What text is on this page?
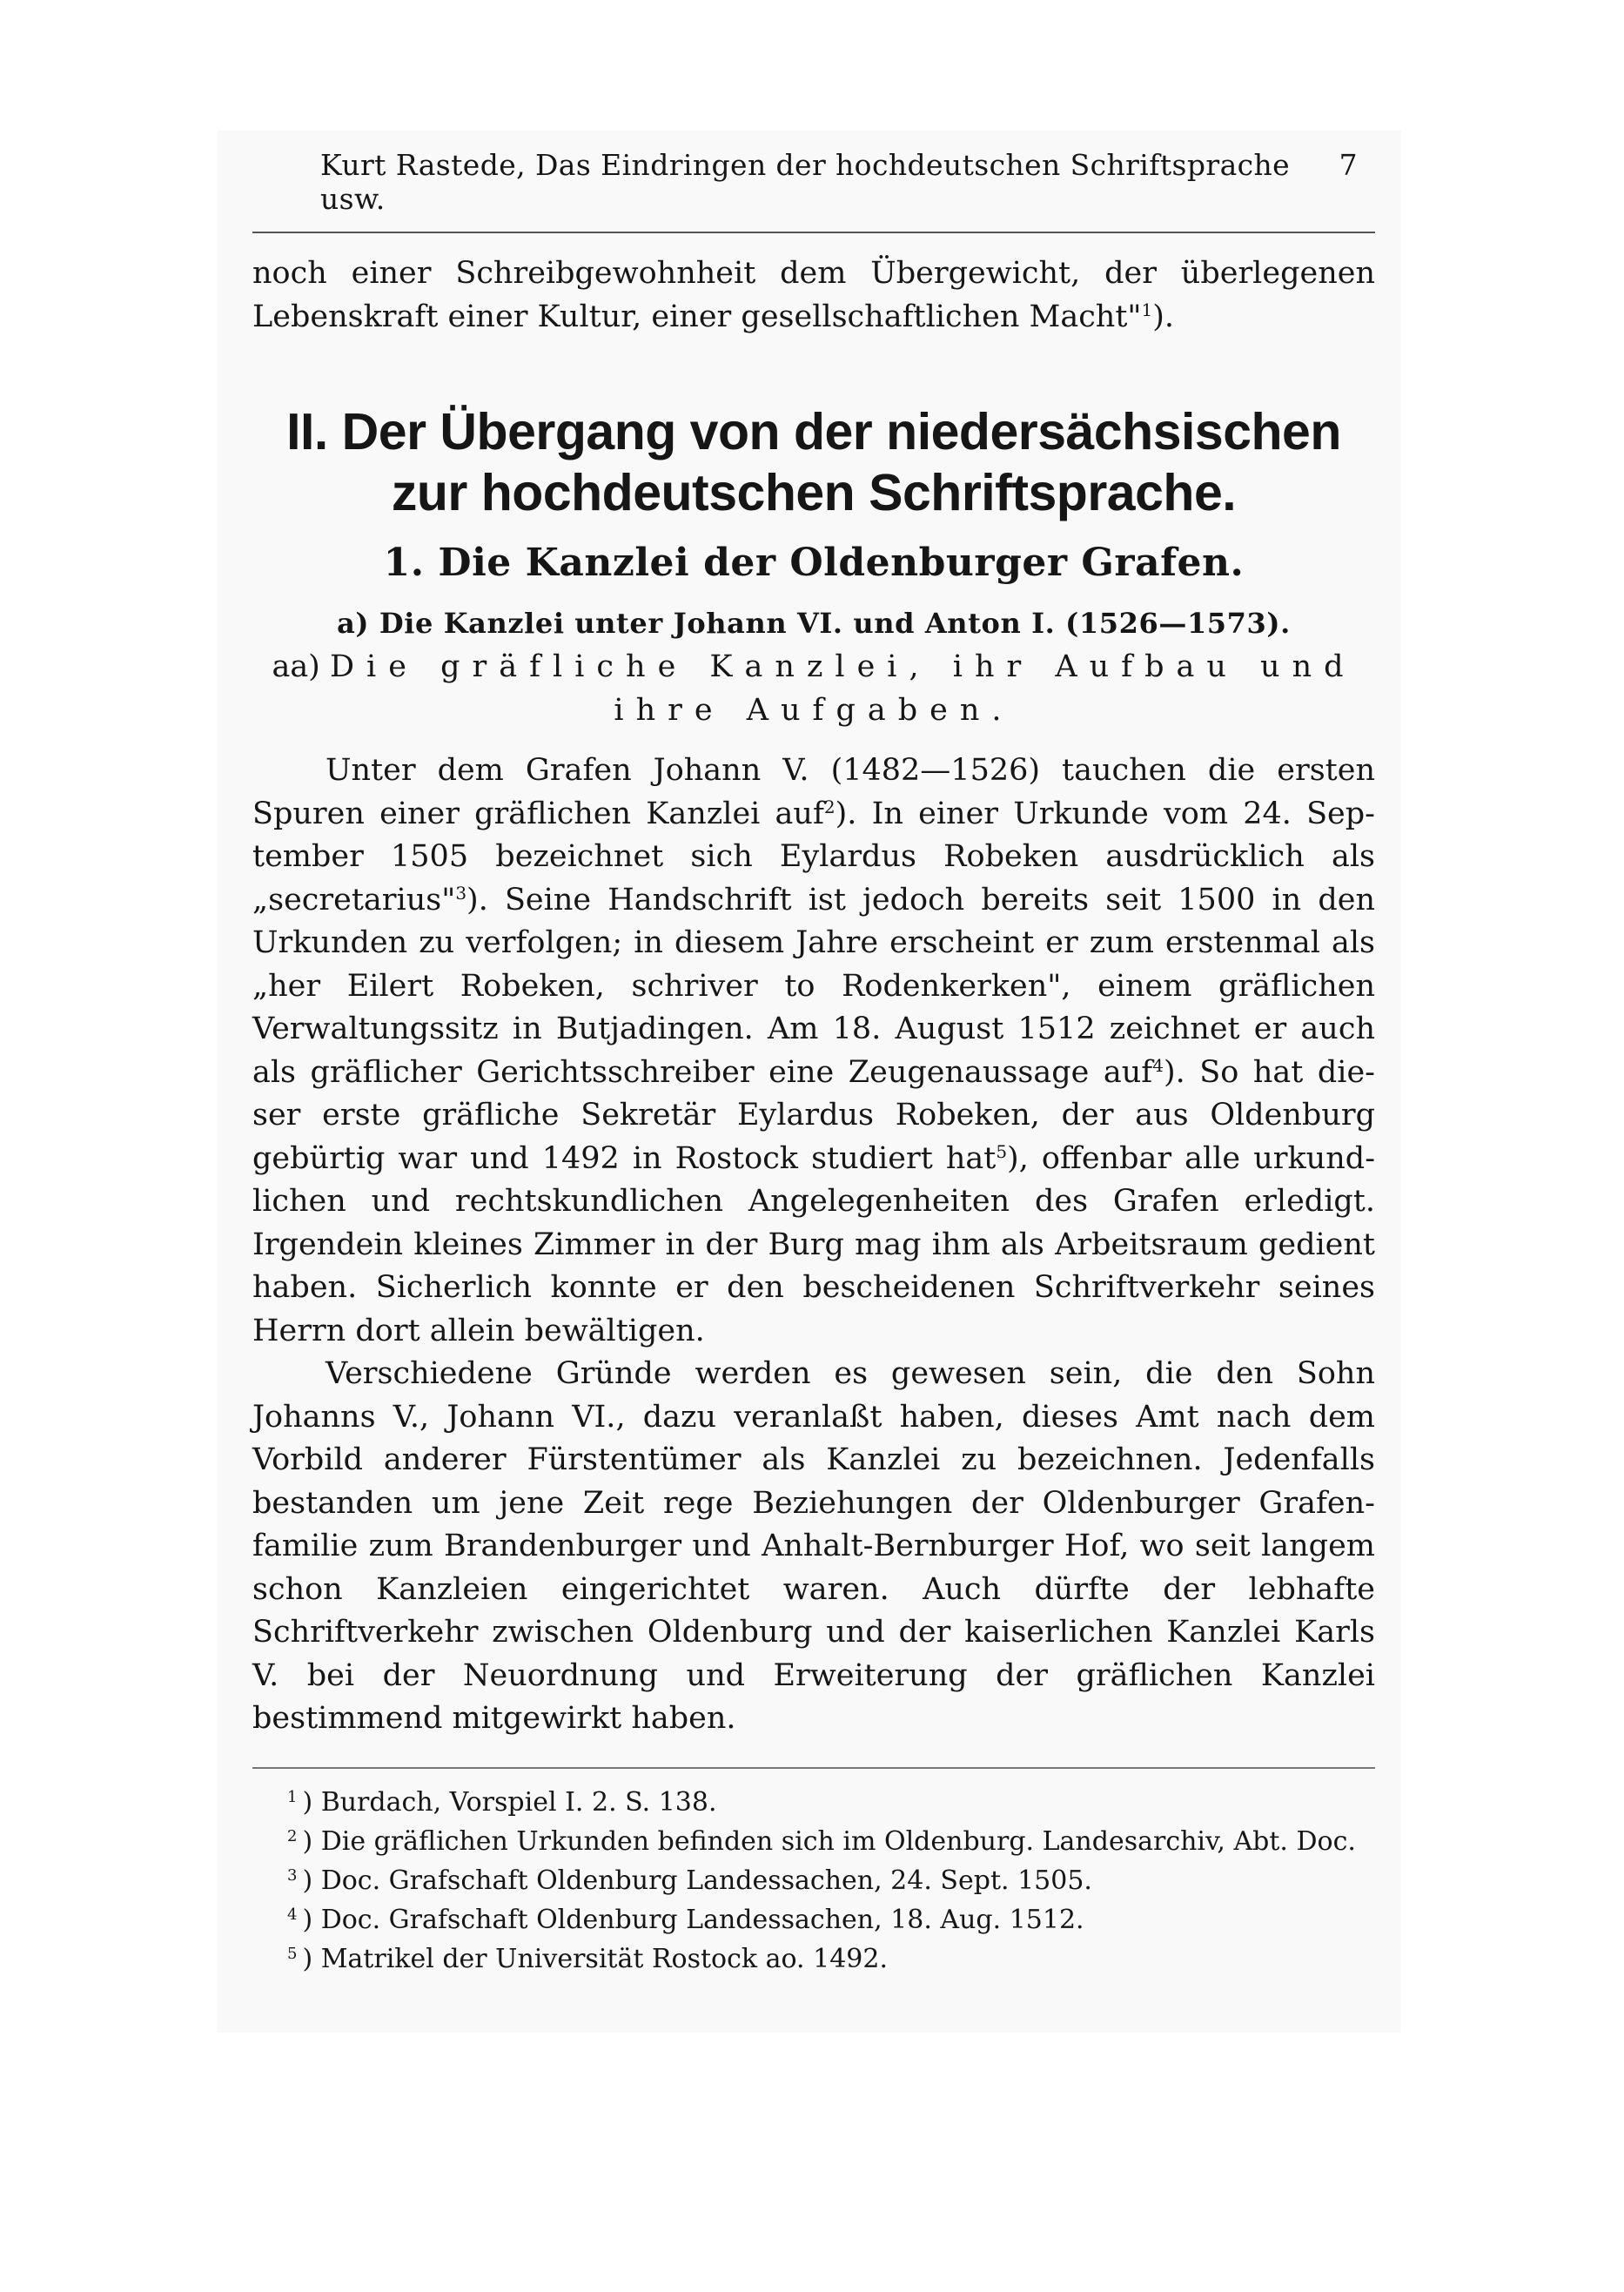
Kurt Rastede, Das Eindringen der hochdeutschen Schriftsprache usw.
7

noch einer Schreibgewohnheit dem Übergewicht, der überlegenen Lebenskraft einer Kultur, einer gesellschaftlichen Macht"$^1$).

II. Der Übergang von der niedersächsischen
zur hochdeutschen Schriftsprache.
1. Die Kanzlei der Oldenburger Grafen.
a) Die Kanzlei unter Johann VI. und Anton I. (1526—1573).
aa) Die gräfliche Kanzlei, ihr Aufbau und
ihre Aufgaben.

Unter dem Grafen Johann V. (1482—1526) tauchen die ersten Spuren einer gräflichen Kanzlei auf$^2$). In einer Urkunde vom 24. September 1505 bezeichnet sich Eylardus Robeken ausdrücklich als „secretarius"$^3$). Seine Handschrift ist jedoch bereits seit 1500 in den Urkunden zu verfolgen; in diesem Jahre erscheint er zum erstenmal als „her Eilert Robeken, schriver to Rodenkerken", einem gräflichen Verwaltungssitz in Butjadingen. Am 18. August 1512 zeichnet er auch als gräflicher Gerichtsschreiber eine Zeugenaussage auf$^4$). So hat dieser erste gräfliche Sekretär Eylardus Robeken, der aus Oldenburg gebürtig war und 1492 in Rostock studiert hat$^5$), offenbar alle urkundlichen und rechtskundlichen Angelegenheiten des Grafen erledigt. Irgendein kleines Zimmer in der Burg mag ihm als Arbeitsraum gedient haben. Sicherlich konnte er den bescheidenen Schriftverkehr seines Herrn dort allein bewältigen.

Verschiedene Gründe werden es gewesen sein, die den Sohn Johanns V., Johann VI., dazu veranlaßt haben, dieses Amt nach dem Vorbild anderer Fürstentümer als Kanzlei zu bezeichnen. Jedenfalls bestanden um jene Zeit rege Beziehungen der Oldenburger Grafenfamilie zum Brandenburger und Anhalt-Bernburger Hof, wo seit langem schon Kanzleien eingerichtet waren. Auch dürfte der lebhafte Schriftverkehr zwischen Oldenburg und der kaiserlichen Kanzlei Karls V. bei der Neuordnung und Erweiterung der gräflichen Kanzlei bestimmend mitgewirkt haben.

$^1$ ) Burdach, Vorspiel I. 2. S. 138.

$^2$ ) Die gräflichen Urkunden befinden sich im Oldenburg. Landesarchiv, Abt. Doc.

$^3$ ) Doc. Grafschaft Oldenburg Landessachen, 24. Sept. 1505.

$^4$ ) Doc. Grafschaft Oldenburg Landessachen, 18. Aug. 1512.

$^5$ ) Matrikel der Universität Rostock ao. 1492.
